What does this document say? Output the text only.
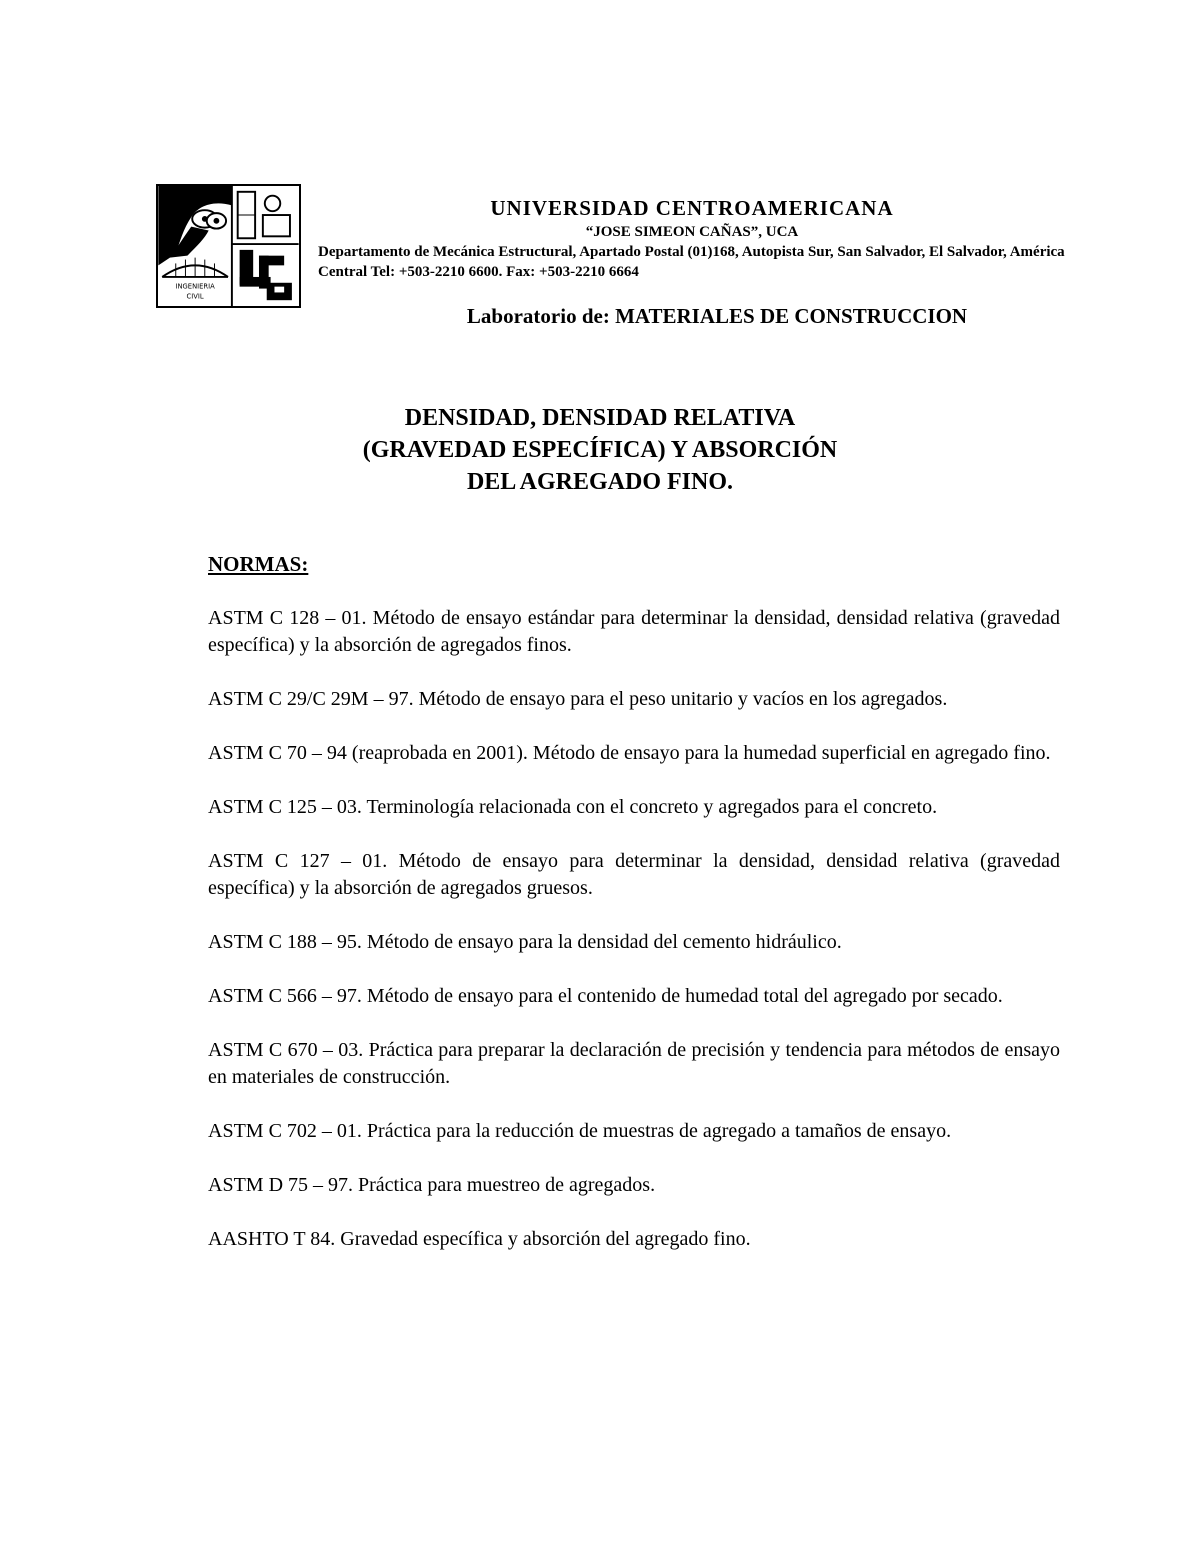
INGENIERIA
CIVIL
UNIVERSIDAD CENTROAMERICANA
“JOSE SIMEON CAÑAS”, UCA
Departamento de Mecánica Estructural, Apartado Postal (01)168, Autopista Sur, San Salvador, El Salvador, América Central Tel: +503-2210 6600. Fax: +503-2210 6664
Laboratorio de: MATERIALES DE CONSTRUCCION
DENSIDAD, DENSIDAD RELATIVA
(GRAVEDAD ESPECÍFICA) Y ABSORCIÓN
DEL AGREGADO FINO.
NORMAS:
ASTM C 128 – 01. Método de ensayo estándar para determinar la densidad, densidad relativa (gravedad específica) y la absorción de agregados finos.
ASTM C 29/C 29M – 97. Método de ensayo para el peso unitario y vacíos en los agregados.
ASTM C 70 – 94 (reaprobada en 2001). Método de ensayo para la humedad superficial en agregado fino.
ASTM C 125 – 03. Terminología relacionada con el concreto y agregados para el concreto.
ASTM C 127 – 01. Método de ensayo para determinar la densidad, densidad relativa (gravedad específica) y la absorción de agregados gruesos.
ASTM C 188 – 95. Método de ensayo para la densidad del cemento hidráulico.
ASTM C 566 – 97. Método de ensayo para el contenido de humedad total del agregado por secado.
ASTM C 670 – 03. Práctica para preparar la declaración de precisión y tendencia para métodos de ensayo en materiales de construcción.
ASTM C 702 – 01. Práctica para la reducción de muestras de agregado a tamaños de ensayo.
ASTM D 75 – 97. Práctica para muestreo de agregados.
AASHTO T 84. Gravedad específica y absorción del agregado fino.
